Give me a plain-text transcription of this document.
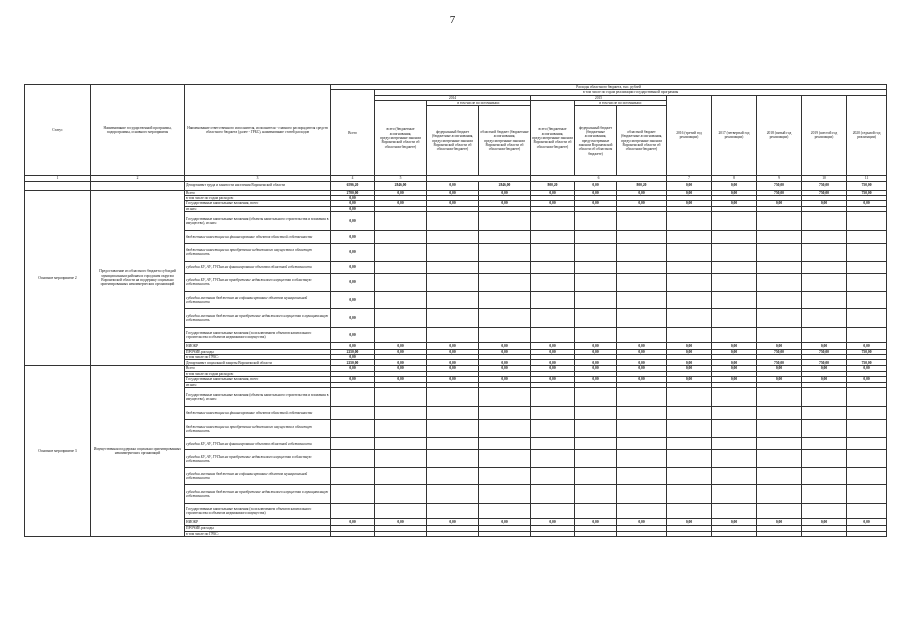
7
Статус	Наименование государственной программы, подпрограммы, основного мероприятия	Наименование ответственного исполнителя, исполнителя - главного распорядителя средств областного бюджета (далее - ГРБС), наименование статей расходов	Расходы областного бюджета, тыс. рублей											
			Всего	в том числе по годам реализации государственной программы										
				2014			2015			2016 (третий год реализации)	2017 (четвертый год реализации)	2018 (пятый год реализации)	2019 (шестой год реализации)	2020 (седьмой год реализации)
				всего (бюджетные ассигнования, предусмотренные законом Воронежской области об областном бюджете)	в том числе по источникам:		всего (бюджетные ассигнования, предусмотренные законом Воронежской области об областном бюджете)	в том числе по источникам:						
					федеральный бюджет (бюджетные ассигнования, предусмотренные законом Воронежской области об областном бюджете)	областной бюджет (бюджетные ассигнования, предусмотренные законом Воронежской области об областном бюджете)		федеральный бюджет (бюджетные ассигнования, предусмотренные законом Воронежской области об областном бюджете)	областной бюджет (бюджетные ассигнования, предусмотренные законом Воронежской области об областном бюджете)					
1	2	3	4	5			6			7	8	9	10	11
		Департамент труда и занятости населения Воронежской области	6596,20	2846,00	0,00	2846,00	800,20	0,00	800,20	0,00	0,00	750,00	750,00	750,00
Основное мероприятие 2	Предоставление из областного бюджета субсидий муниципальным районам и городским округам Воронежской области на поддержку социально ориентированных некоммерческих организаций	Всего	2700,00	0,00	0,00	0,00	0,00	0,00	0,00	0,00	0,00	750,00	750,00	750,00
		в том числе по годам расходов:	0,00											
		Государственные капитальные вложения, всего	0,00	0,00	0,00	0,00	0,00	0,00	0,00	0,00	0,00	0,00	0,00	0,00
		из них:	0,00											
		Государственные капитальные вложения (объекты капитального строительства и вложения в имущество), из них:	0,00											
		бюджетные инвестиции на финансирование объектов областной собственности	0,00											
		бюджетные инвестиции на приобретение недвижимого имущества в областную собственность	0,00											
		субсидии БУ, АУ, ГУПам на финансирование объектов областной собственности	0,00											
		субсидии БУ, АУ, ГУПам на приобретение недвижимого имущества в областную собственность	0,00											
		субсидии местным бюджетам на софинансирование объектов муниципальной собственности	0,00											
		субсидии местным бюджетам на приобретение недвижимого имущества в муниципальную собственность	0,00											
		Государственные капитальные вложения (за исключением объектов капитального строительства и объектов недвижимого имущества)	0,00											
		НИОКР	0,00	0,00	0,00	0,00	0,00	0,00	0,00	0,00	0,00	0,00	0,00	0,00
		ПРОЧИЕ расходы	2250,00	0,00	0,00	0,00	0,00	0,00	0,00	0,00	0,00	750,00	750,00	750,00
		в том числе по ГРБС:	0,00											
		Департамент социальной защиты Воронежской области	2250,00	0,00	0,00	0,00	0,00	0,00	0,00	0,00	0,00	750,00	750,00	750,00
Основное мероприятие 3	Имущественная поддержка социально ориентированных некоммерческих организаций	Всего	0,00	0,00	0,00	0,00	0,00	0,00	0,00	0,00	0,00	0,00	0,00	0,00
		в том числе по годам расходов:												
		Государственные капитальные вложения, всего	0,00	0,00	0,00	0,00	0,00	0,00	0,00	0,00	0,00	0,00	0,00	0,00
		из них:												
		Государственные капитальные вложения (объекты капитального строительства и вложения в имущество), из них:												
		бюджетные инвестиции на финансирование объектов областной собственности												
		бюджетные инвестиции на приобретение недвижимого имущества в областную собственность												
		субсидии БУ, АУ, ГУПам на финансирование объектов областной собственности												
		субсидии БУ, АУ, ГУПам на приобретение недвижимого имущества в областную собственность												
		субсидии местным бюджетам на софинансирование объектов муниципальной собственности												
		субсидии местным бюджетам на приобретение недвижимого имущества в муниципальную собственность												
		Государственные капитальные вложения (за исключением объектов капитального строительства и объектов недвижимого имущества)												
		НИОКР	0,00	0,00	0,00	0,00	0,00	0,00	0,00	0,00	0,00	0,00	0,00	0,00
		ПРОЧИЕ расходы												
		в том числе по ГРБС:												
